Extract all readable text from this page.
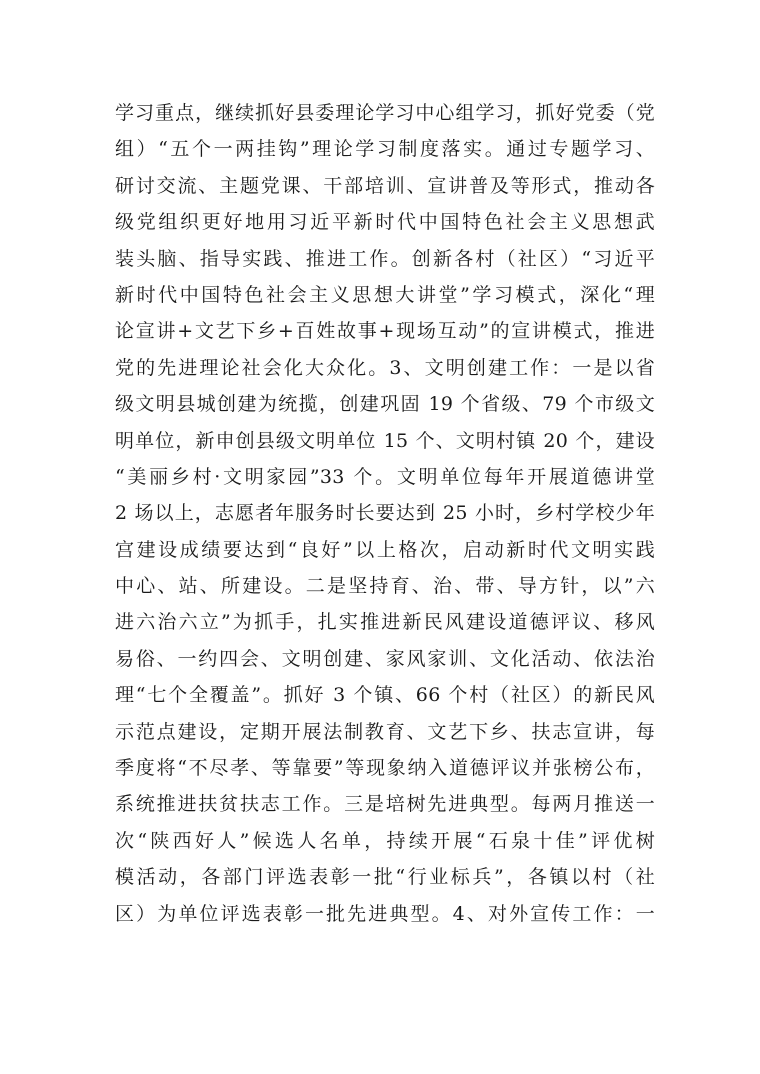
学习重点，继续抓好县委理论学习中心组学习，抓好党委（党
组）“五个一两挂钩”理论学习制度落实。通过专题学习、
研讨交流、主题党课、干部培训、宣讲普及等形式，推动各
级党组织更好地用习近平新时代中国特色社会主义思想武
装头脑、指导实践、推进工作。创新各村（社区）“习近平
新时代中国特色社会主义思想大讲堂”学习模式，深化“理
论宣讲+文艺下乡+百姓故事+现场互动”的宣讲模式，推进
党的先进理论社会化大众化。3、文明创建工作：一是以省
级文明县城创建为统揽，创建巩固 19 个省级、79 个市级文
明单位，新申创县级文明单位 15 个、文明村镇 20 个，建设
“美丽乡村·文明家园”33 个。文明单位每年开展道德讲堂
2 场以上，志愿者年服务时长要达到 25 小时，乡村学校少年
宫建设成绩要达到“良好”以上格次，启动新时代文明实践
中心、站、所建设。二是坚持育、治、带、导方针，以”六
进六治六立”为抓手，扎实推进新民风建设道德评议、移风
易俗、一约四会、文明创建、家风家训、文化活动、依法治
理“七个全覆盖”。抓好 3 个镇、66 个村（社区）的新民风
示范点建设，定期开展法制教育、文艺下乡、扶志宣讲，每
季度将“不尽孝、等靠要”等现象纳入道德评议并张榜公布，
系统推进扶贫扶志工作。三是培树先进典型。每两月推送一
次“陕西好人”候选人名单，持续开展“石泉十佳”评优树
模活动，各部门评选表彰一批“行业标兵”，各镇以村（社
区）为单位评选表彰一批先进典型。4、对外宣传工作：一
